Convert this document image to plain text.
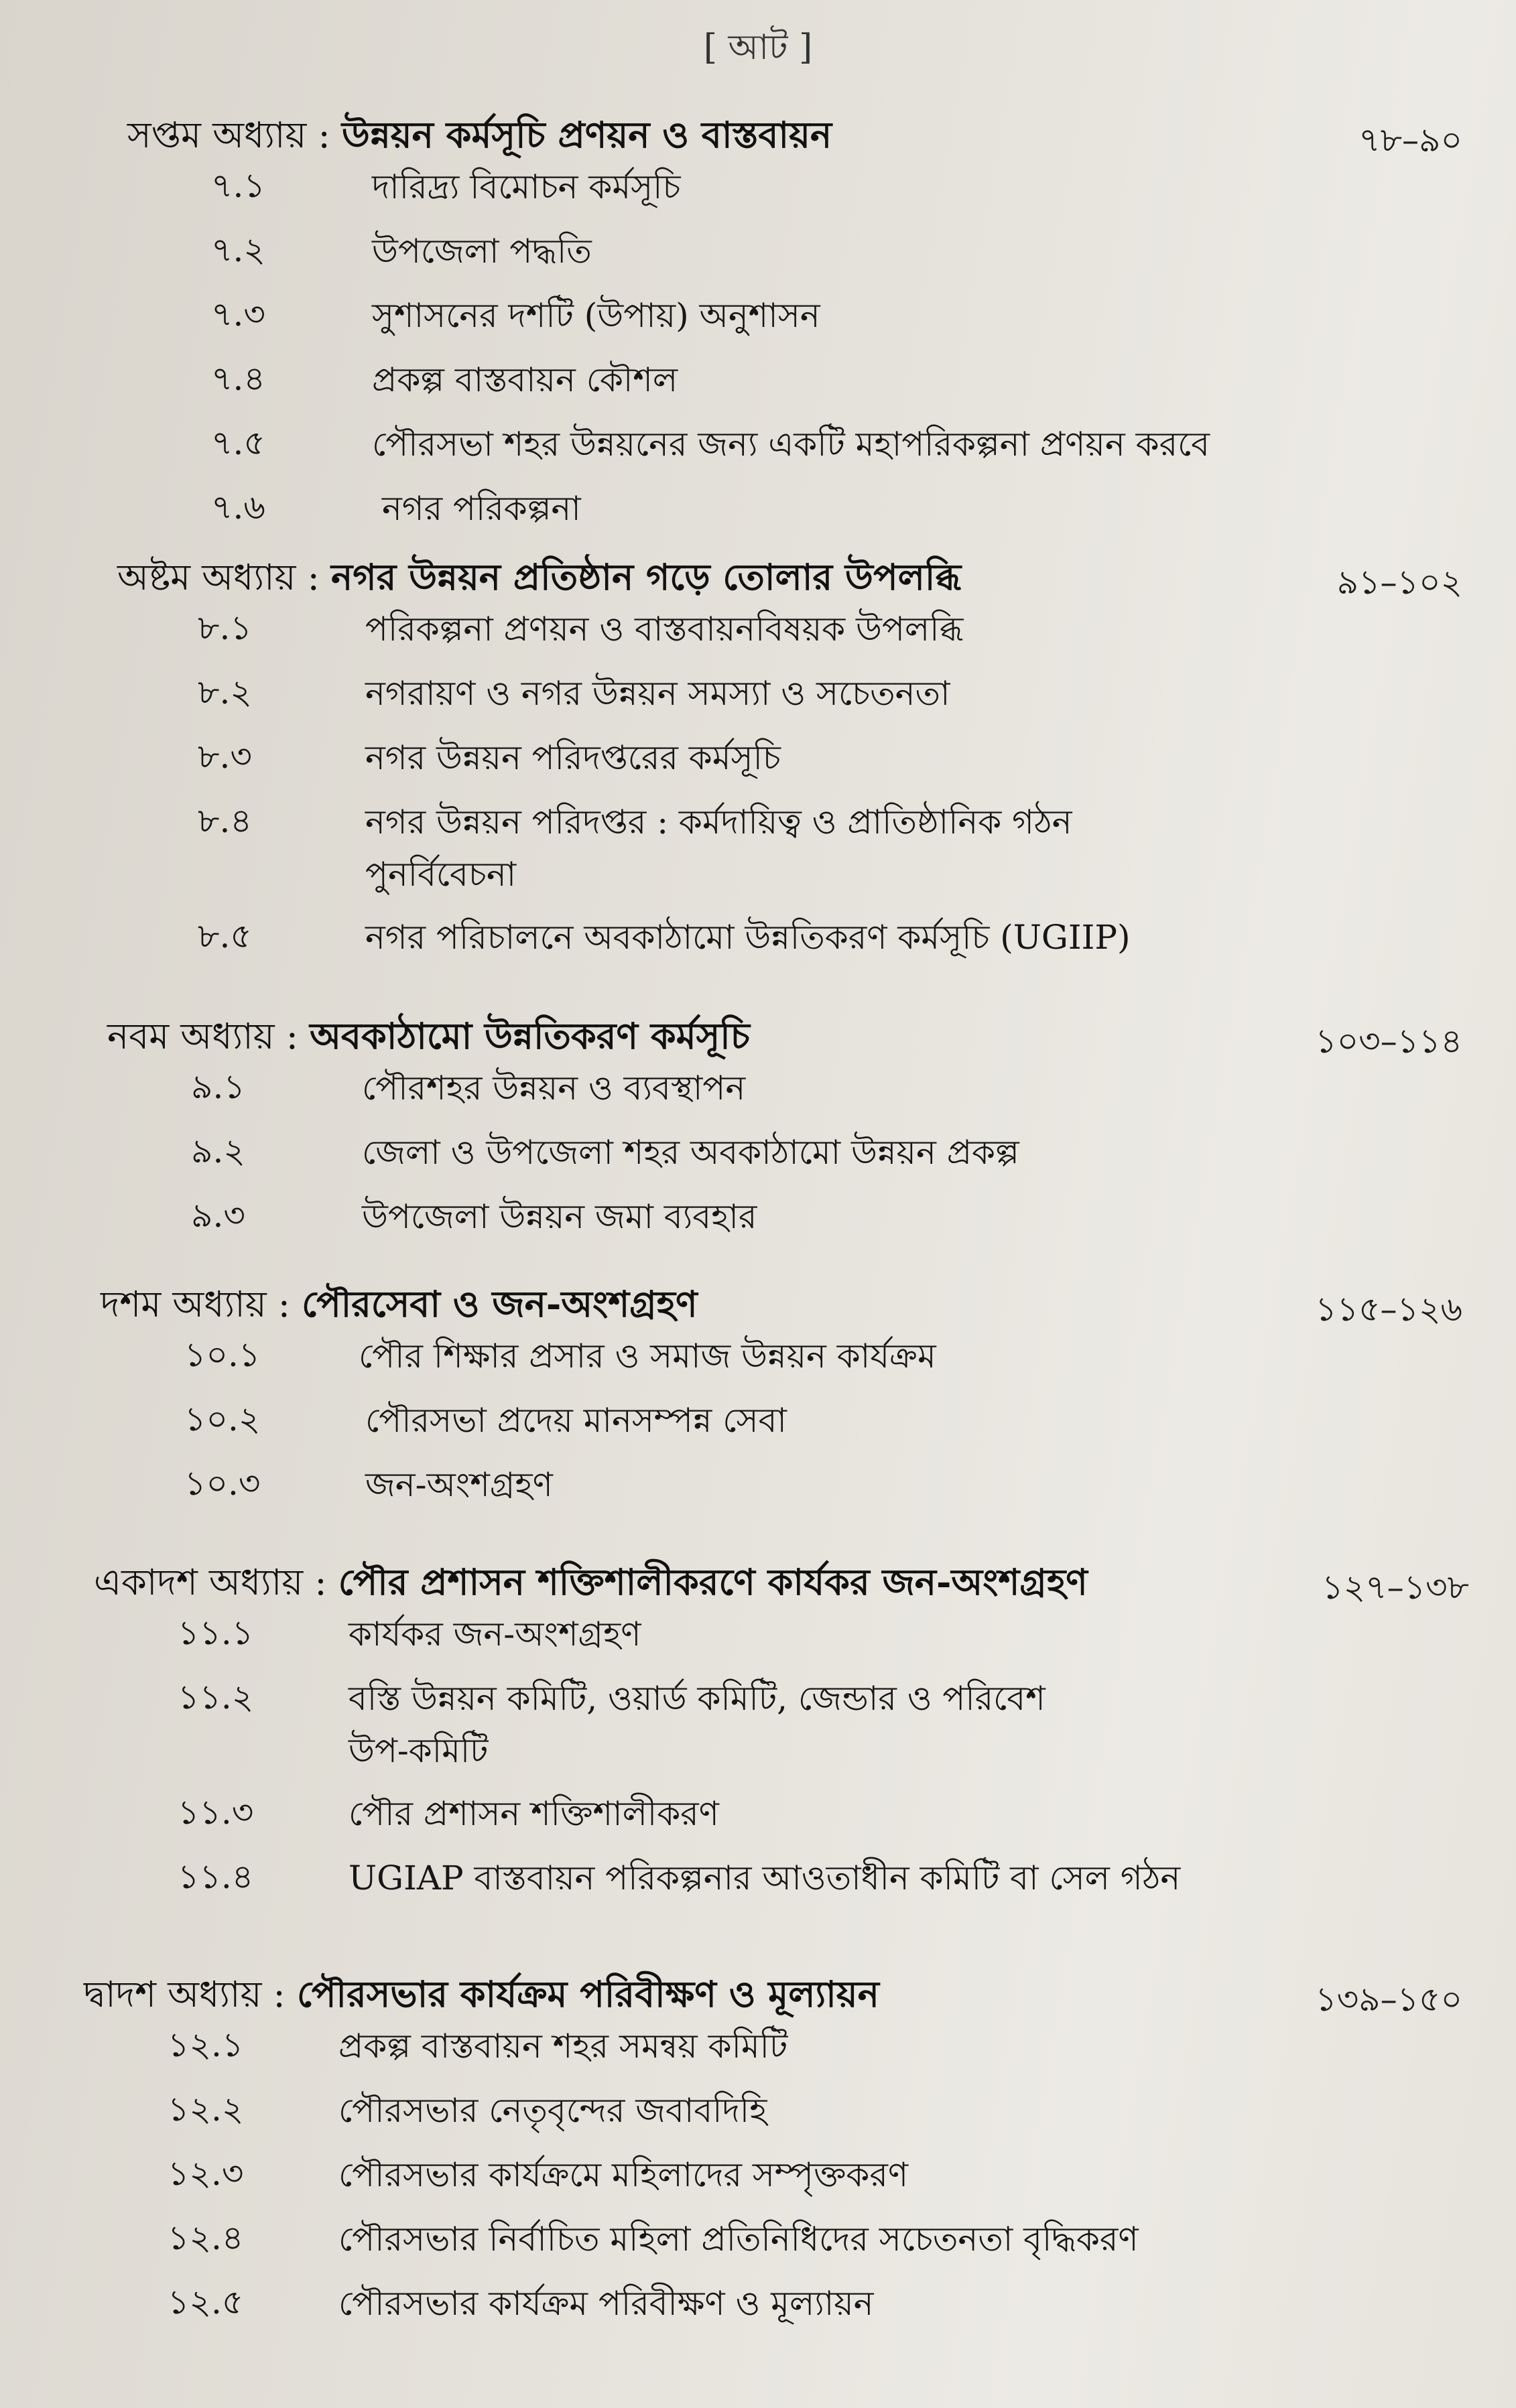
[ আট ]
সপ্তম অধ্যায় : উন্নয়ন কর্মসূচি প্রণয়ন ও বাস্তবায়ন	৭৮–৯০
৭.১	দারিদ্র্য বিমোচন কর্মসূচি
৭.২	উপজেলা পদ্ধতি
৭.৩	সুশাসনের দশটি (উপায়) অনুশাসন
৭.৪	প্রকল্প বাস্তবায়ন কৌশল
৭.৫	পৌরসভা শহর উন্নয়নের জন্য একটি মহাপরিকল্পনা প্রণয়ন করবে
৭.৬	নগর পরিকল্পনা
অষ্টম অধ্যায় : নগর উন্নয়ন প্রতিষ্ঠান গড়ে তোলার উপলব্ধি	৯১–১০২
৮.১	পরিকল্পনা প্রণয়ন ও বাস্তবায়নবিষয়ক উপলব্ধি
৮.২	নগরায়ণ ও নগর উন্নয়ন সমস্যা ও সচেতনতা
৮.৩	নগর উন্নয়ন পরিদপ্তরের কর্মসূচি
৮.৪	নগর উন্নয়ন পরিদপ্তর : কর্মদায়িত্ব ও প্রাতিষ্ঠানিক গঠন পুনর্বিবেচনা
৮.৫	নগর পরিচালনে অবকাঠামো উন্নতিকরণ কর্মসূচি (UGIIP)
নবম অধ্যায় : অবকাঠামো উন্নতিকরণ কর্মসূচি	১০৩–১১৪
৯.১	পৌরশহর উন্নয়ন ও ব্যবস্থাপন
৯.২	জেলা ও উপজেলা শহর অবকাঠামো উন্নয়ন প্রকল্প
৯.৩	উপজেলা উন্নয়ন জমা ব্যবহার
দশম অধ্যায় : পৌরসেবা ও জন-অংশগ্রহণ	১১৫–১২৬
১০.১	পৌর শিক্ষার প্রসার ও সমাজ উন্নয়ন কার্যক্রম
১০.২	পৌরসভা প্রদেয় মানসম্পন্ন সেবা
১০.৩	জন-অংশগ্রহণ
একাদশ অধ্যায় : পৌর প্রশাসন শক্তিশালীকরণে কার্যকর জন-অংশগ্রহণ	১২৭–১৩৮
১১.১	কার্যকর জন-অংশগ্রহণ
১১.২	বস্তি উন্নয়ন কমিটি, ওয়ার্ড কমিটি, জেন্ডার ও পরিবেশ উপ-কমিটি
১১.৩	পৌর প্রশাসন শক্তিশালীকরণ
১১.৪	UGIAP বাস্তবায়ন পরিকল্পনার আওতাধীন কমিটি বা সেল গঠন
দ্বাদশ অধ্যায় : পৌরসভার কার্যক্রম পরিবীক্ষণ ও মূল্যায়ন	১৩৯–১৫০
১২.১	প্রকল্প বাস্তবায়ন শহর সমন্বয় কমিটি
১২.২	পৌরসভার নেতৃবৃন্দের জবাবদিহি
১২.৩	পৌরসভার কার্যক্রমে মহিলাদের সম্পৃক্তকরণ
১২.৪	পৌরসভার নির্বাচিত মহিলা প্রতিনিধিদের সচেতনতা বৃদ্ধিকরণ
১২.৫	পৌরসভার কার্যক্রম পরিবীক্ষণ ও মূল্যায়ন
